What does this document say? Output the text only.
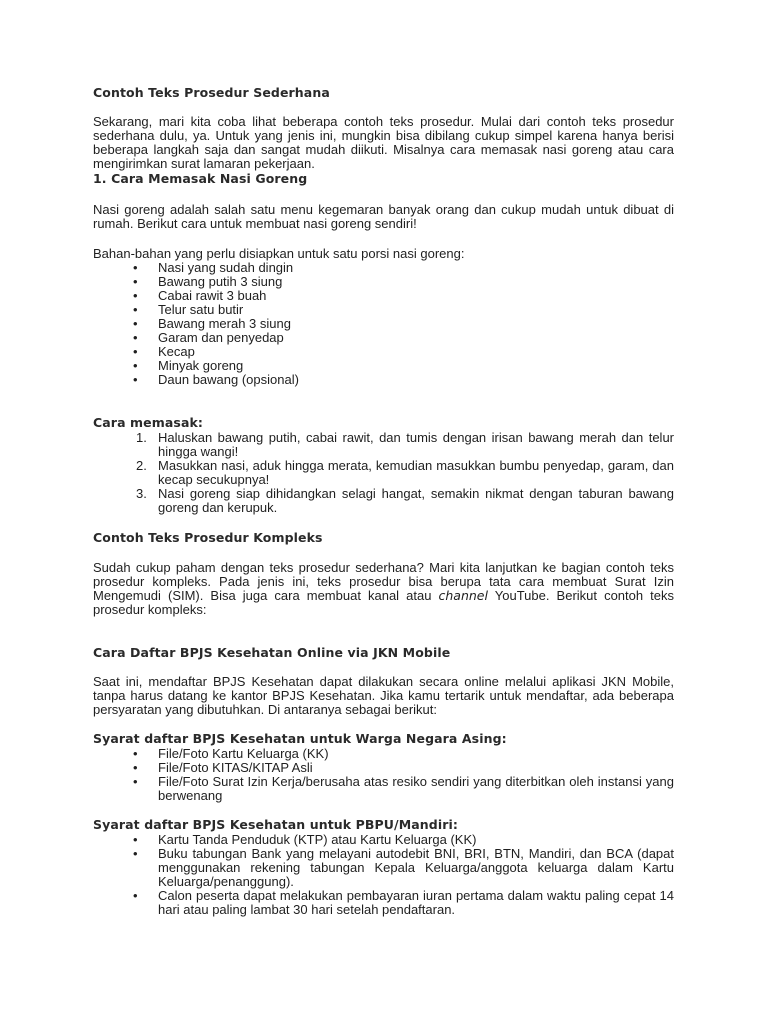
Contoh Teks Prosedur Sederhana

Sekarang, mari kita coba lihat beberapa contoh teks prosedur. Mulai dari contoh teks prosedur sederhana dulu, ya. Untuk yang jenis ini, mungkin bisa dibilang cukup simpel karena hanya berisi beberapa langkah saja dan sangat mudah diikuti. Misalnya cara memasak nasi goreng atau cara mengirimkan surat lamaran pekerjaan.

1. Cara Memasak Nasi Goreng

Nasi goreng adalah salah satu menu kegemaran banyak orang dan cukup mudah untuk dibuat di rumah. Berikut cara untuk membuat nasi goreng sendiri!

Bahan-bahan yang perlu disiapkan untuk satu porsi nasi goreng:

• Nasi yang sudah dingin
• Bawang putih 3 siung
• Cabai rawit 3 buah
• Telur satu butir
• Bawang merah 3 siung
• Garam dan penyedap
• Kecap
• Minyak goreng
• Daun bawang (opsional)
Cara memasak:
1. Haluskan bawang putih, cabai rawit, dan tumis dengan irisan bawang merah dan telur hingga wangi!
2. Masukkan nasi, aduk hingga merata, kemudian masukkan bumbu penyedap, garam, dan kecap secukupnya!
3. Nasi goreng siap dihidangkan selagi hangat, semakin nikmat dengan taburan bawang goreng dan kerupuk.
Contoh Teks Prosedur Kompleks

Sudah cukup paham dengan teks prosedur sederhana? Mari kita lanjutkan ke bagian contoh teks prosedur kompleks. Pada jenis ini, teks prosedur bisa berupa tata cara membuat Surat Izin Mengemudi (SIM). Bisa juga cara membuat kanal atau channel YouTube. Berikut contoh teks prosedur kompleks:

Cara Daftar BPJS Kesehatan Online via JKN Mobile

Saat ini, mendaftar BPJS Kesehatan dapat dilakukan secara online melalui aplikasi JKN Mobile, tanpa harus datang ke kantor BPJS Kesehatan. Jika kamu tertarik untuk mendaftar, ada beberapa persyaratan yang dibutuhkan. Di antaranya sebagai berikut:

Syarat daftar BPJS Kesehatan untuk Warga Negara Asing:
• File/Foto Kartu Keluarga (KK)
• File/Foto KITAS/KITAP Asli
• File/Foto Surat Izin Kerja/berusaha atas resiko sendiri yang diterbitkan oleh instansi yang berwenang
Syarat daftar BPJS Kesehatan untuk PBPU/Mandiri:
• Kartu Tanda Penduduk (KTP) atau Kartu Keluarga (KK)
• Buku tabungan Bank yang melayani autodebit BNI, BRI, BTN, Mandiri, dan BCA (dapat menggunakan rekening tabungan Kepala Keluarga/anggota keluarga dalam Kartu Keluarga/penanggung).
• Calon peserta dapat melakukan pembayaran iuran pertama dalam waktu paling cepat 14 hari atau paling lambat 30 hari setelah pendaftaran.
